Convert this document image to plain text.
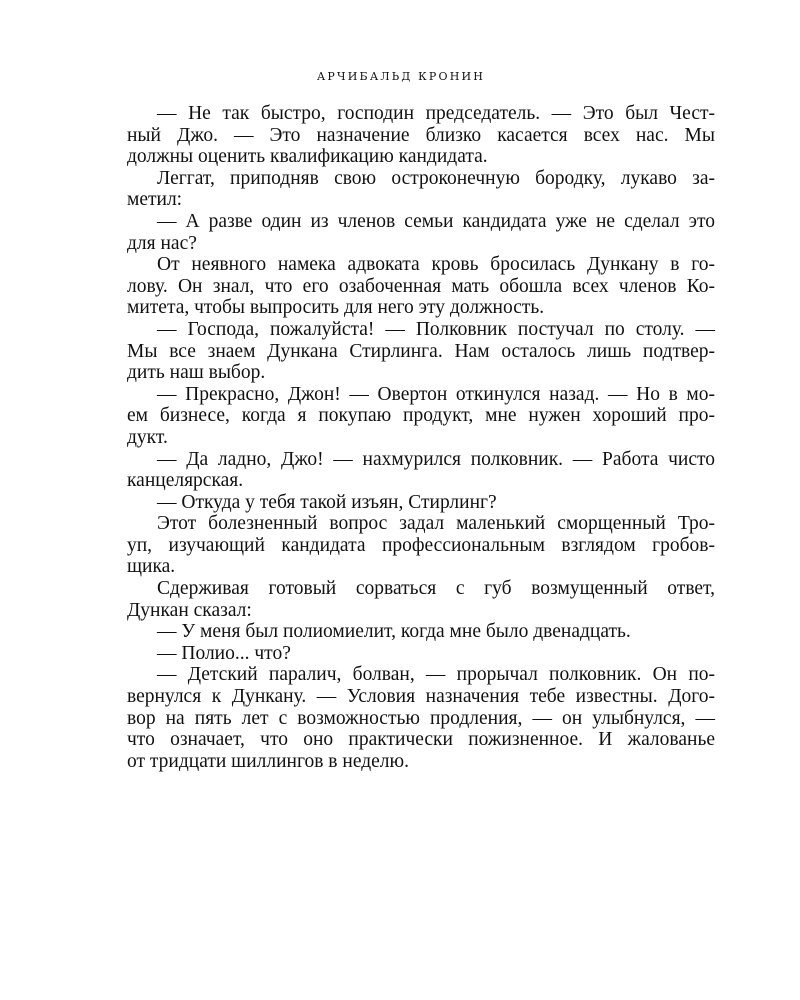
АРЧИБАЛЬД КРОНИН
— Не так быстро, господин председатель. — Это был Чест-
ный Джо. — Это назначение близко касается всех нас. Мы
должны оценить квалификацию кандидата.
Леггат, приподняв свою остроконечную бородку, лукаво за-
метил:
— А разве один из членов семьи кандидата уже не сделал это
для нас?
От неявного намека адвоката кровь бросилась Дункану в го-
лову. Он знал, что его озабоченная мать обошла всех членов Ко-
митета, чтобы выпросить для него эту должность.
— Господа, пожалуйста! — Полковник постучал по столу. —
Мы все знаем Дункана Стирлинга. Нам осталось лишь подтвер-
дить наш выбор.
— Прекрасно, Джон! — Овертон откинулся назад. — Но в мо-
ем бизнесе, когда я покупаю продукт, мне нужен хороший про-
дукт.
— Да ладно, Джо! — нахмурился полковник. — Работа чисто
канцелярская.
— Откуда у тебя такой изъян, Стирлинг?
Этот болезненный вопрос задал маленький сморщенный Тро-
уп, изучающий кандидата профессиональным взглядом гробов-
щика.
Сдерживая готовый сорваться с губ возмущенный ответ,
Дункан сказал:
— У меня был полиомиелит, когда мне было двенадцать.
— Полио... что?
— Детский паралич, болван, — прорычал полковник. Он по-
вернулся к Дункану. — Условия назначения тебе известны. Дого-
вор на пять лет с возможностью продления, — он улыбнулся, —
что означает, что оно практически пожизненное. И жалованье
от тридцати шиллингов в неделю.
